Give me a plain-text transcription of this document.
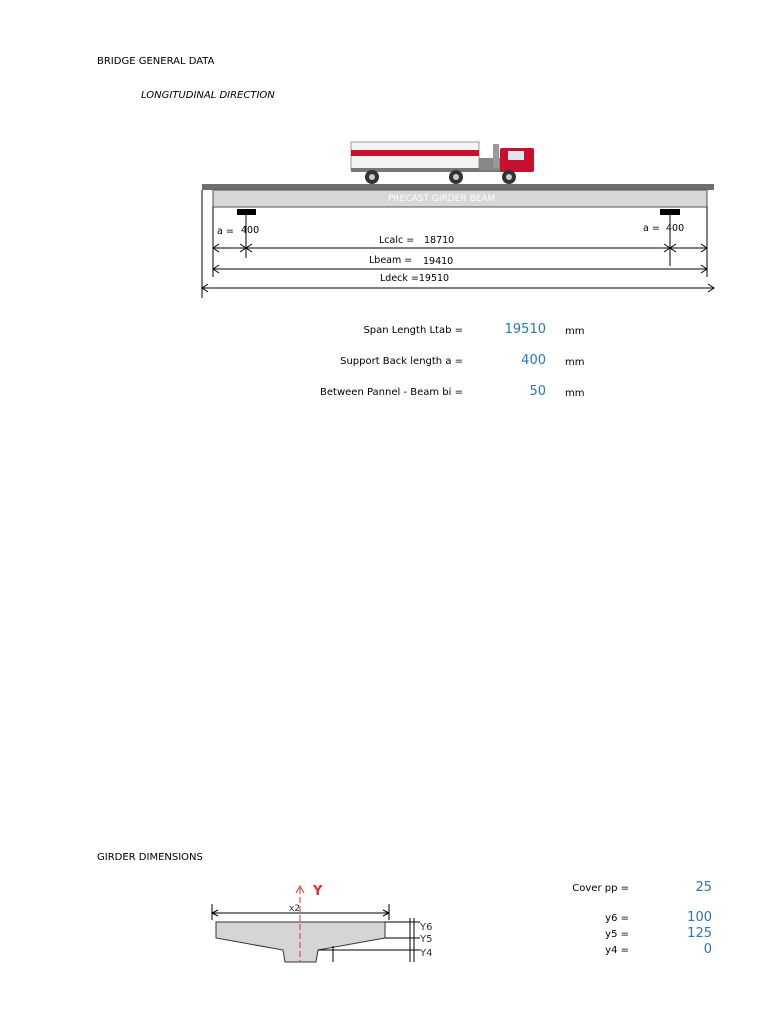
BRIDGE GENERAL DATA
LONGITUDINAL DIRECTION
PRECAST GIRDER BEAM
a = 400	a = 400
Lcalc = 18710
Lbeam = 19410
Ldeck =19510
Span Length Ltab =	19510 mm
Support Back length a =	400 mm
Between Pannel - Beam bi =	50 mm
GIRDER DIMENSIONS
Y
x2
Y6
Y5
Y4
Cover pp =	25
y6 =	100
y5 =	125
y4 =	0
